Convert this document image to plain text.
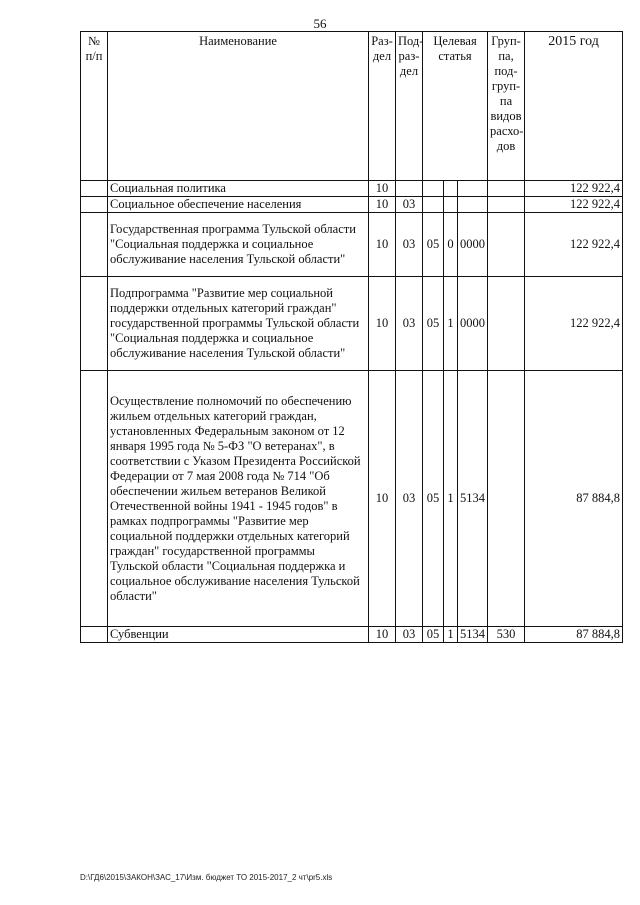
56
№ п/п	Наименование	Раз-дел	Под-раз-дел	Целевая статья			Груп-па, под-груп-па видов расхо-дов	2015 год
	Социальная политика	10						122 922,4
	Социальное обеспечение населения	10	03					122 922,4
	Государственная программа Тульской области "Социальная поддержка и социальное обслуживание населения Тульской области"	10	03	05	0	0000		122 922,4
	Подпрограмма "Развитие мер социальной поддержки отдельных категорий граждан" государственной программы Тульской области "Социальная поддержка и социальное обслуживание населения Тульской области"	10	03	05	1	0000		122 922,4
	Осуществление полномочий по обеспечению жильем отдельных категорий граждан, установленных Федеральным законом от 12 января 1995 года № 5-ФЗ "О ветеранах", в соответствии с Указом Президента Российской Федерации от 7 мая 2008 года № 714 "Об обеспечении жильем ветеранов Великой Отечественной войны 1941 - 1945 годов" в рамках подпрограммы "Развитие мер социальной поддержки отдельных категорий граждан" государственной программы Тульской области "Социальная поддержка и социальное обслуживание населения Тульской области"	10	03	05	1	5134		87 884,8
	Субвенции	10	03	05	1	5134	530	87 884,8
D:\ГД6\2015\ЗАКОН\ЗАС_17\Изм. бюджет ТО 2015-2017_2 чт\pr5.xls
